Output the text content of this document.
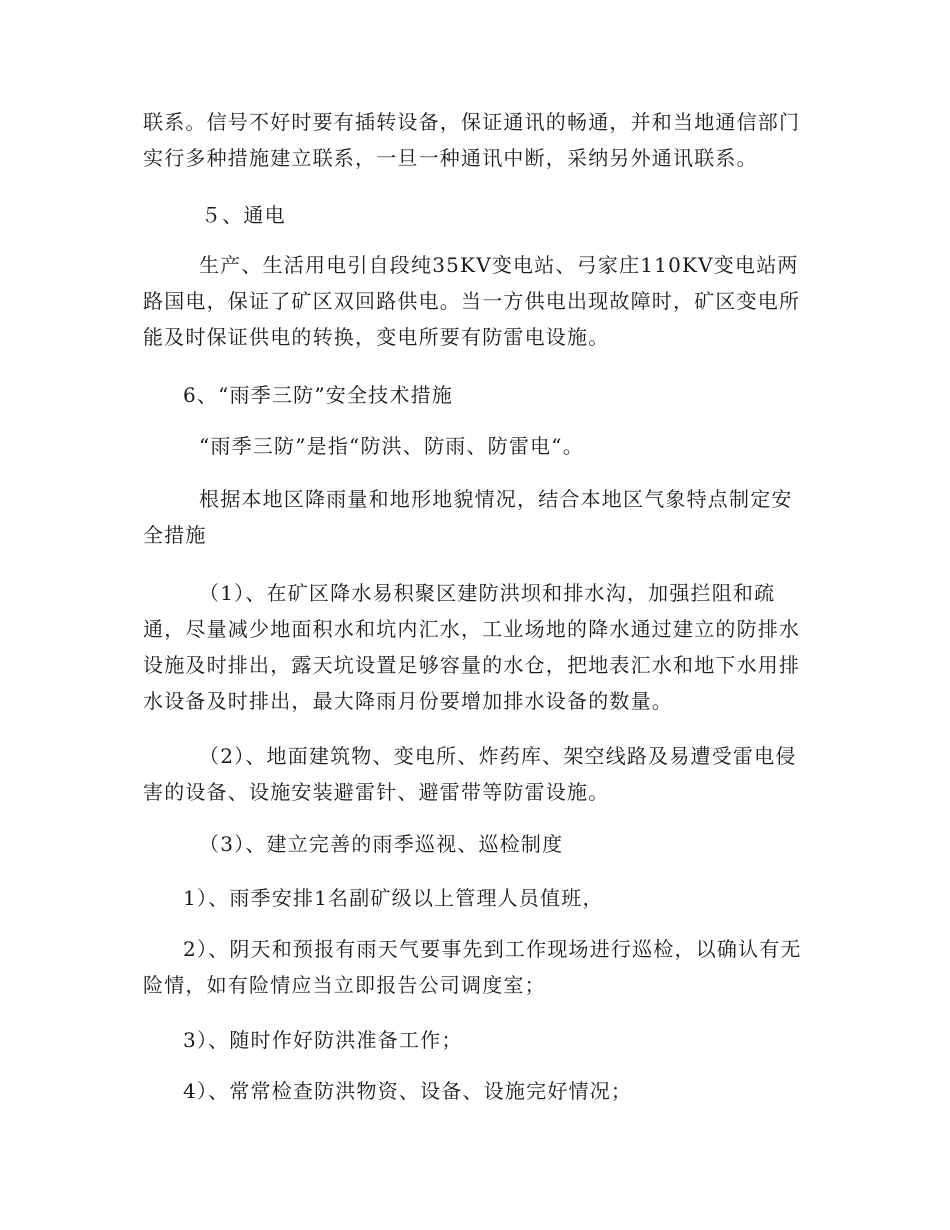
联系。信号不好时要有插转设备，保证通讯的畅通，并和当地通信部门实行多种措施建立联系，一旦一种通讯中断，采纳另外通讯联系。

５、通电

生产、生活用电引自段纯35KV变电站、弓家庄110KV变电站两路国电，保证了矿区双回路供电。当一方供电出现故障时，矿区变电所能及时保证供电的转换，变电所要有防雷电设施。

6、“雨季三防”安全技术措施

“雨季三防”是指“防洪、防雨、防雷电“。

根据本地区降雨量和地形地貌情况，结合本地区气象特点制定安全措施

（1）、在矿区降水易积聚区建防洪坝和排水沟，加强拦阻和疏通，尽量减少地面积水和坑内汇水，工业场地的降水通过建立的防排水设施及时排出，露天坑设置足够容量的水仓，把地表汇水和地下水用排水设备及时排出，最大降雨月份要增加排水设备的数量。

（2）、地面建筑物、变电所、炸药库、架空线路及易遭受雷电侵害的设备、设施安装避雷针、避雷带等防雷设施。

（3）、建立完善的雨季巡视、巡检制度

1）、雨季安排1名副矿级以上管理人员值班，

2）、阴天和预报有雨天气要事先到工作现场进行巡检，以确认有无险情，如有险情应当立即报告公司调度室；

3）、随时作好防洪准备工作；

4）、常常检查防洪物资、设备、设施完好情况；
